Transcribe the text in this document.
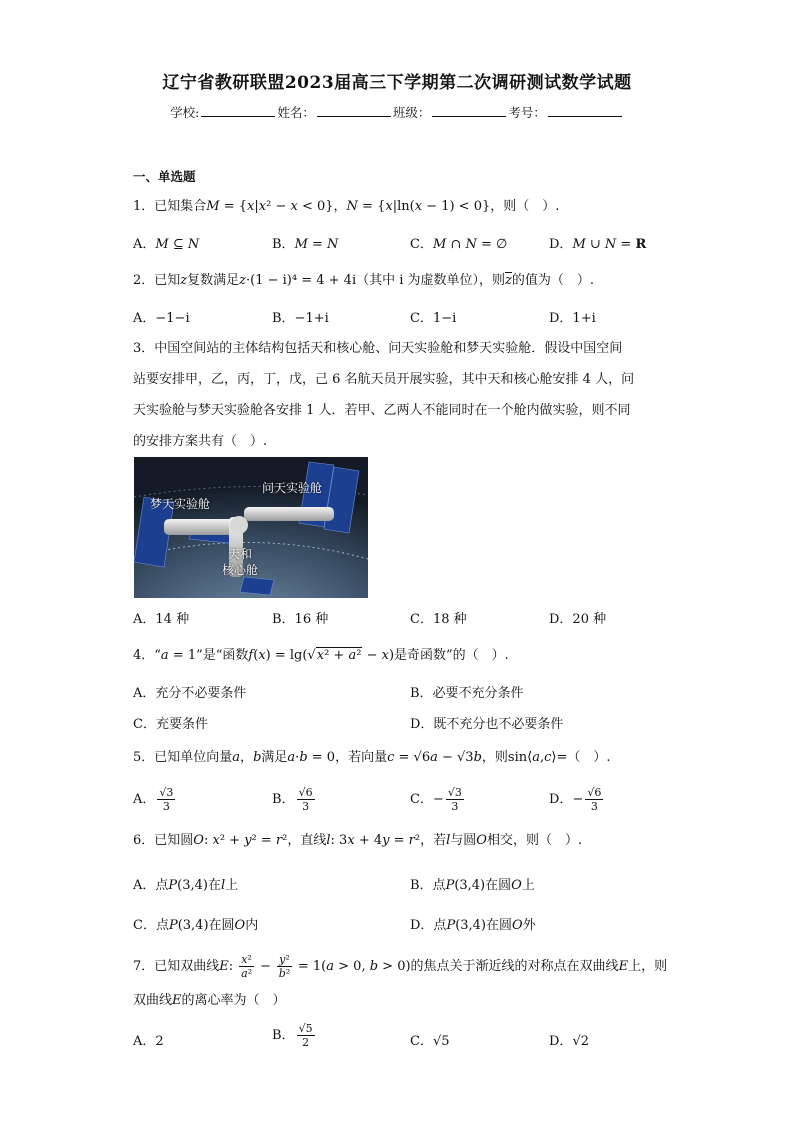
辽宁省教研联盟2023届高三下学期第二次调研测试数学试题
学校:	姓名：	班级：	考号：
一、单选题
1．已知集合M = {x|x² − x < 0}，N = {x|ln(x − 1) < 0}，则（　）.
A．M ⊆ N	B．M = N	C．M ∩ N = ∅	D．M ∪ N = R
2．已知z复数满足z·(1 − i)⁴ = 4 + 4i（其中 i 为虚数单位），则$\overline{z}$的值为（　）.
A．−1−i	B．−1+i	C．1−i	D．1+i
3．中国空间站的主体结构包括天和核心舱、问天实验舱和梦天实验舱．假设中国空间
站要安排甲，乙，丙，丁，戊，己 6 名航天员开展实验，其中天和核心舱安排 4 人，问
天实验舱与梦天实验舱各安排 1 人．若甲、乙两人不能同时在一个舱内做实验，则不同
的安排方案共有（　）.
梦天实验舱
问天实验舱
天和
核心舱
A．14 种	B．16 种	C．18 种	D．20 种
4．“a = 1”是“函数f(x) = lg(√x² + a² − x)是奇函数”的（　）.
A．充分不必要条件	B．必要不充分条件
C．充要条件	D．既不充分也不必要条件
5．已知单位向量a，b满足a·b = 0，若向量c = √6a − √3b，则sin⟨a,c⟩=（　）.
A． $\frac{√3}{3}$	B． $\frac{√6}{3}$	C．− $\frac{√3}{3}$	D．− $\frac{√6}{3}$
6．已知圆O: x² + y² = r²，直线l: 3x + 4y = r²，若l与圆O相交，则（　）.
A．点P(3,4)在l上	B．点P(3,4)在圆O上
C．点P(3,4)在圆O内	D．点P(3,4)在圆O外
7．已知双曲线E: $\frac{\text{x²}}{\text{a²}} - \frac{\text{y²}}{\text{b²}} = 1(a > 0$, b > 0)的焦点关于渐近线的对称点在双曲线E上，则
双曲线E的离心率为（　）
A．2	B． $\frac{√5}{2}$	C．√5	D．√2
